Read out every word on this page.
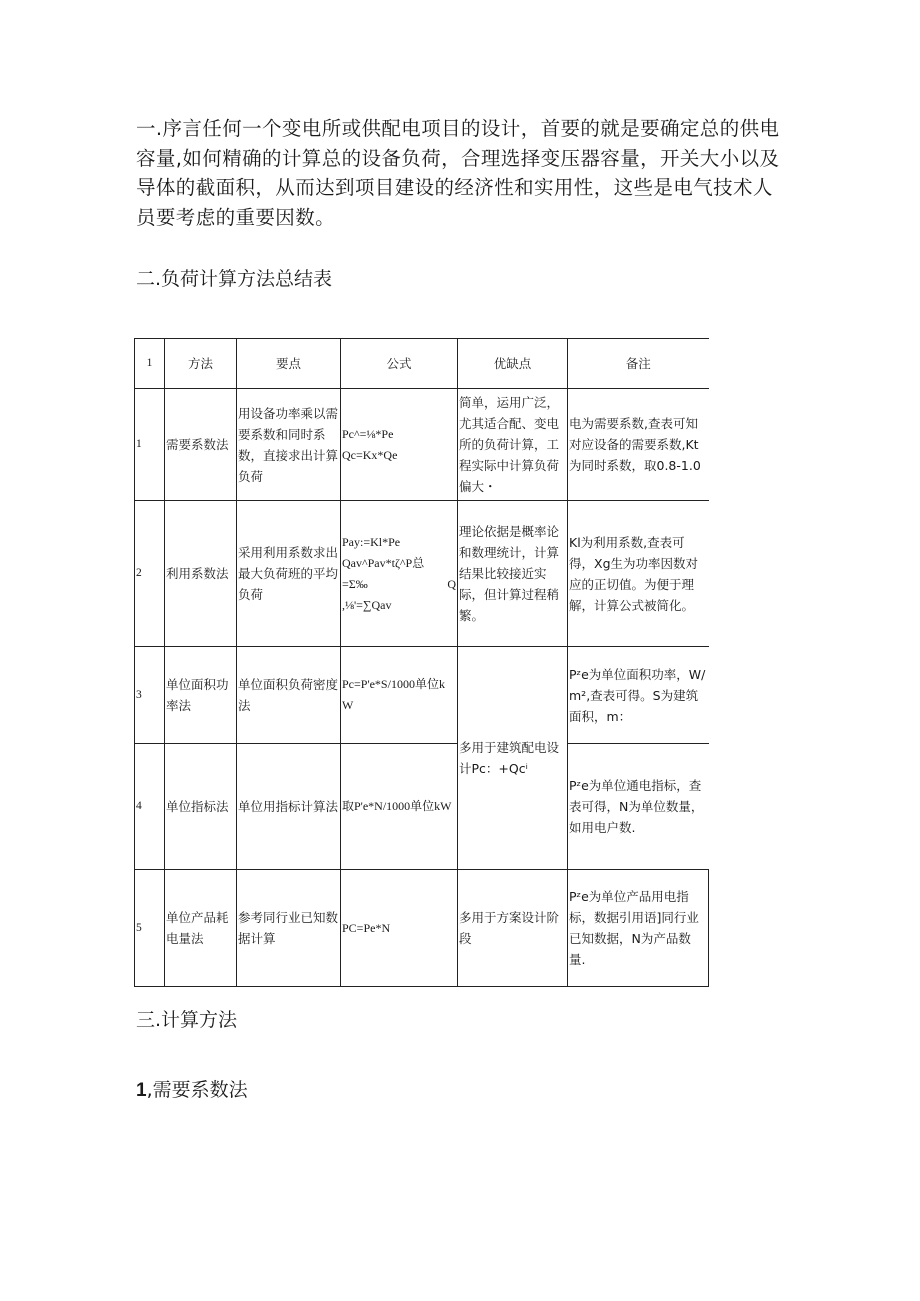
一.序言任何一个变电所或供配电项目的设计，首要的就是要确定总的供电容量,如何精确的计算总的设备负荷，合理选择变压器容量，开关大小以及导体的截面积，从而达到项目建设的经济性和实用性，这些是电气技术人员要考虑的重要因数。

二.负荷计算方法总结表
1	方法	要点	公式	优缺点	备注
1	需要系数法	用设备功率乘以需要系数和同时系数，直接求出计算负荷	Pc^=⅛*Pe
Qc=Kx*Qe	简单，运用广泛，尤其适合配、变电所的负荷计算，工程实际中计算负荷偏大・	电为需要系数,查表可知对应设备的需要系数,Kt为同时系数，取0.8-1.0
2	利用系数法	采用利用系数求出最大负荷班的平均负荷	Pay:=Kl*Pe
Qav^Pav*tζ^P总
=Σ‰ Q
,⅛'=∑Qav	理论依据是概率论和数理统计，计算结果比较接近实际，但计算过程稍繁。	Kl为利用系数,查表可得，Xg生为功率因数对应的正切值。为便于理解，计算公式被简化。
3	单位面积功率法	单位面积负荷密度法	Pc=P'e*S/1000单位kW	多用于建筑配电设计Pc：+Qcⁱ	Pᶻe为单位面积功率，W/m²,查表可得。S为建筑面积，m：
4	单位指标法	单位用指标计算法	取P'e*N/1000单位kW		Pᶻe为单位通电指标，查表可得，N为单位数量，如用电户数.
5	单位产品耗电量法	参考同行业已知数据计算	PC=Pe*N	多用于方案设计阶段	Pᶻe为单位产品用电指标，数据引用语]同行业已知数据，N为产品数量.
三.计算方法
1,需要系数法
